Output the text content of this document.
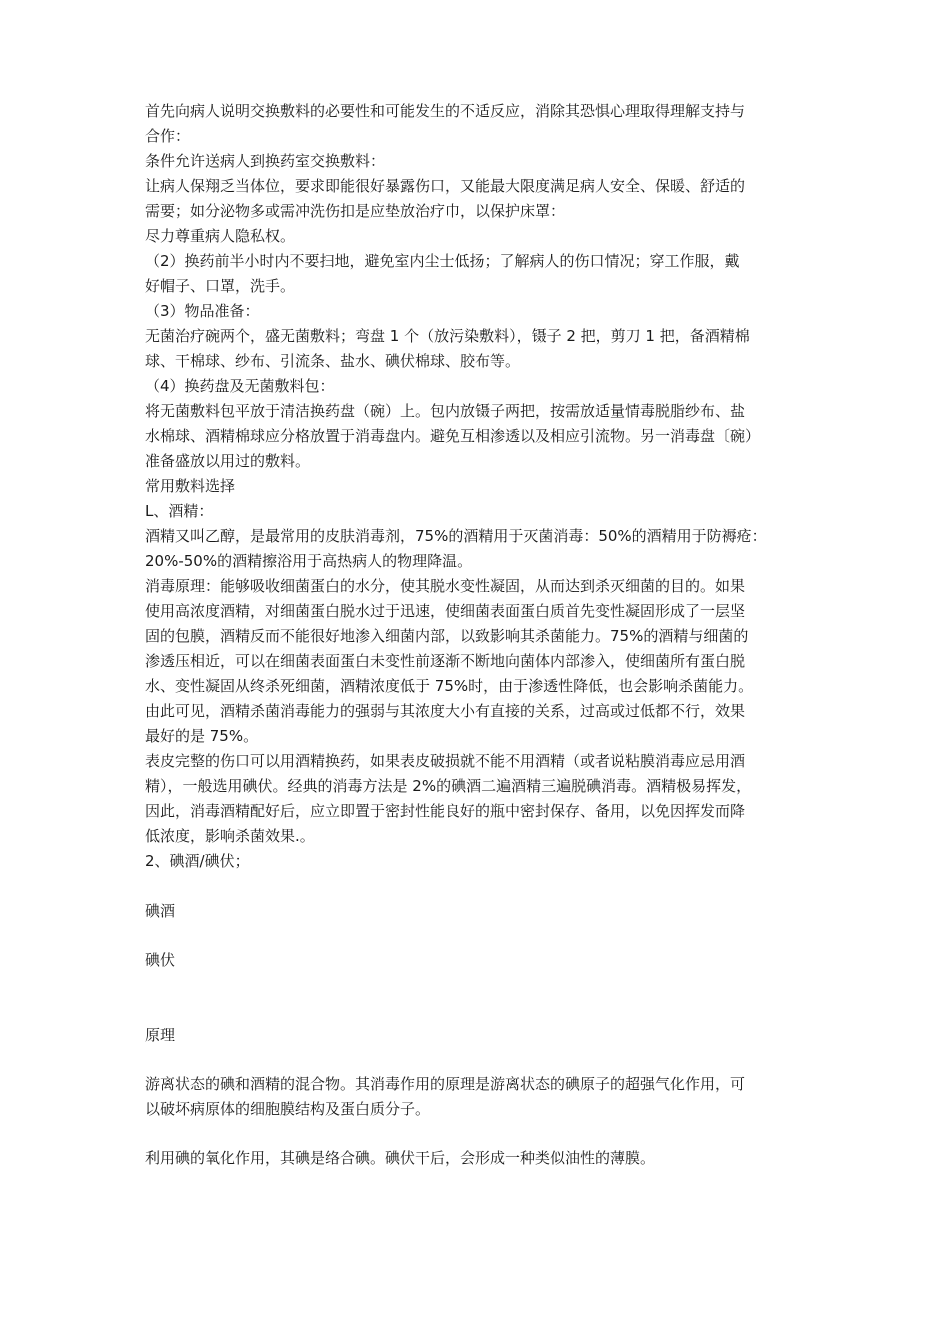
首先向病人说明交换敷料的必要性和可能发生的不适反应，消除其恐惧心理取得理解支持与
合作：
条件允许送病人到换药室交换敷料：
让病人保翔乏当体位，要求即能很好暴露伤口，又能最大限度满足病人安全、保暖、舒适的
需要；如分泌物多或需冲洗伤扣是应垫放治疗巾，以保护床罩：
尽力尊重病人隐私权。
（2）换药前半小时内不要扫地，避免室内尘士低扬；了解病人的伤口情况；穿工作服，戴
好帽子、口罩，洗手。
（3）物品准备：
无菌治疗碗两个，盛无菌敷料；弯盘 1 个（放污染敷料），镊子 2 把，剪刀 1 把，备酒精棉
球、干棉球、纱布、引流条、盐水、碘伏棉球、胶布等。
（4）换药盘及无菌敷料包：
将无菌敷料包平放于清洁换药盘（碗）上。包内放镊子两把，按需放适量情毒脱脂纱布、盐
水棉球、酒精棉球应分格放置于消毒盘内。避免互相渗透以及相应引流物。另一消毒盘〔碗）
准备盛放以用过的敷料。
常用敷料选择
L、酒精：
酒精又叫乙醇，是最常用的皮肤消毒剂，75%的酒精用于灭菌消毒：50%的酒精用于防褥疮：
20%-50%的酒精擦浴用于高热病人的物理降温。
消毒原理：能够吸收细菌蛋白的水分，使其脱水变性凝固，从而达到杀灭细菌的目的。如果
使用高浓度酒精，对细菌蛋白脱水过于迅速，使细菌表面蛋白质首先变性凝固形成了一层坚
固的包膜，酒精反而不能很好地渗入细菌内部，以致影响其杀菌能力。75%的酒精与细菌的
渗透压相近，可以在细菌表面蛋白未变性前逐渐不断地向菌体内部渗入，使细菌所有蛋白脱
水、变性凝固从终杀死细菌，酒精浓度低于 75%时，由于渗透性降低，也会影响杀菌能力。
由此可见，酒精杀菌消毒能力的强弱与其浓度大小有直接的关系，过高或过低都不行，效果
最好的是 75%。
表皮完整的伤口可以用酒精换药，如果表皮破损就不能不用酒精（或者说粘膜消毒应忌用酒
精），一般选用碘伏。经典的消毒方法是 2%的碘酒二遍酒精三遍脱碘消毒。酒精极易挥发，
因此，消毒酒精配好后，应立即置于密封性能良好的瓶中密封保存、备用，以免因挥发而降
低浓度，影响杀菌效果.。
2、碘酒/碘伏；
碘酒
碘伏
原理
游离状态的碘和酒精的混合物。其消毒作用的原理是游离状态的碘原子的超强气化作用，可
以破坏病原体的细胞膜结构及蛋白质分子。
利用碘的氧化作用，其碘是络合碘。碘伏干后，会形成一种类似油性的薄膜。
